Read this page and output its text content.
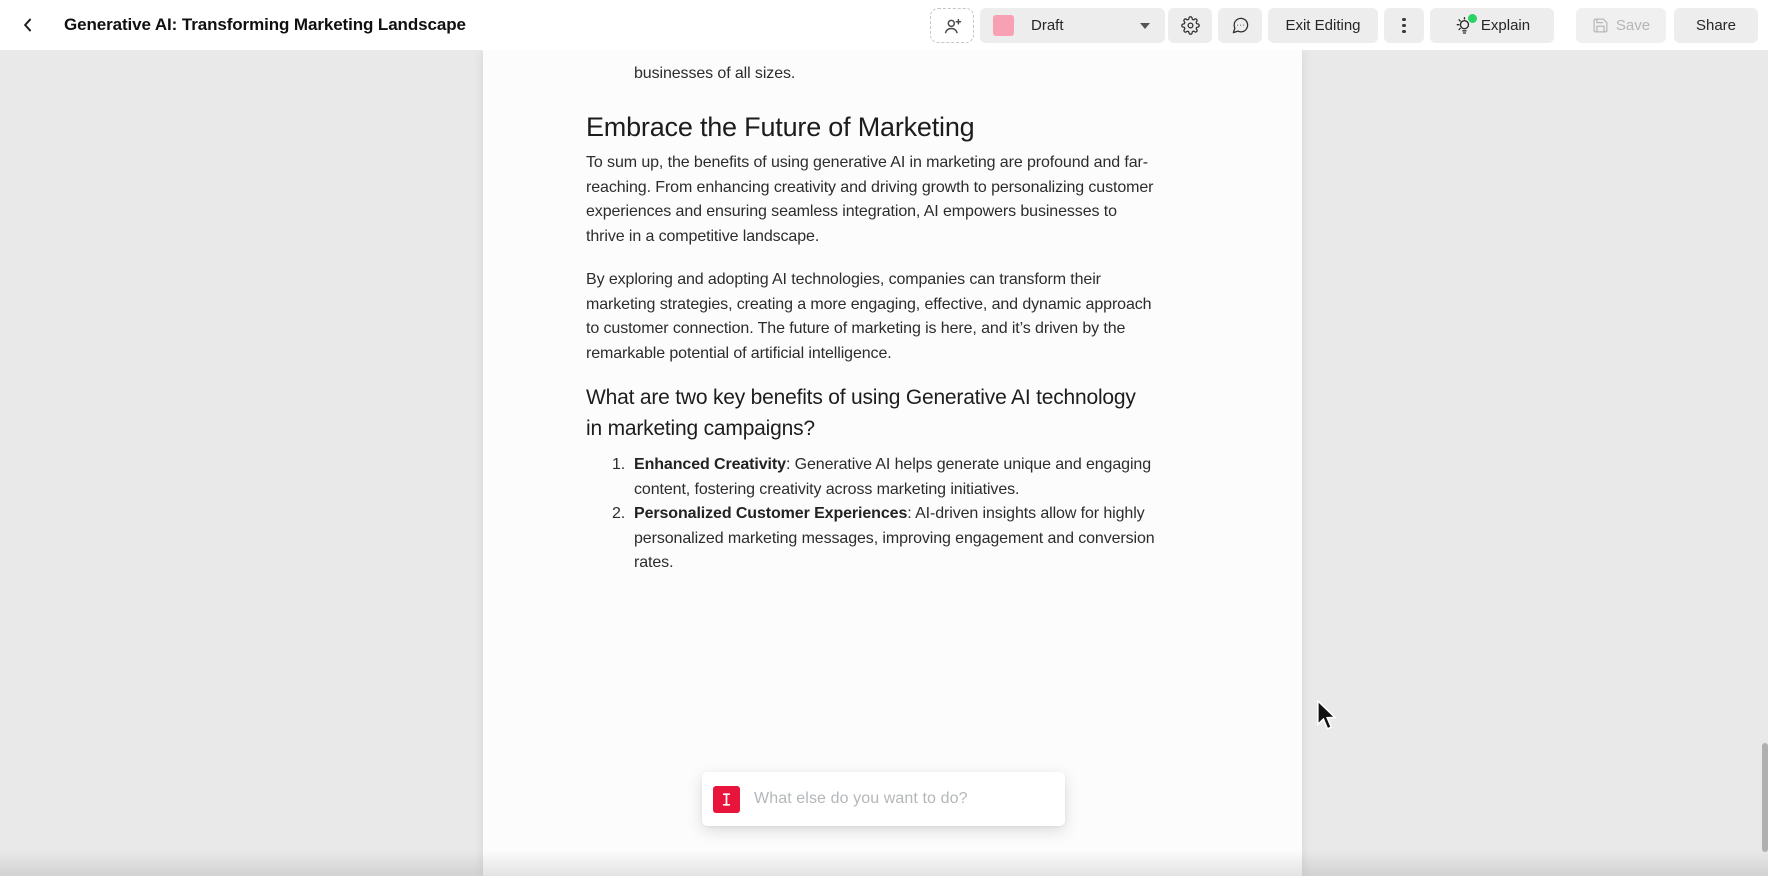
Generative AI: Transforming Marketing Landscape	Draft	Exit Editing	Explain	Save	Share
businesses of all sizes.
Embrace the Future of Marketing
To sum up, the benefits of using generative AI in marketing are profound and far-
reaching. From enhancing creativity and driving growth to personalizing customer
experiences and ensuring seamless integration, AI empowers businesses to
thrive in a competitive landscape.
By exploring and adopting AI technologies, companies can transform their
marketing strategies, creating a more engaging, effective, and dynamic approach
to customer connection. The future of marketing is here, and it’s driven by the
remarkable potential of artificial intelligence.
What are two key benefits of using Generative AI technology
in marketing campaigns?
1. Enhanced Creativity: Generative AI helps generate unique and engaging
content, fostering creativity across marketing initiatives.
2. Personalized Customer Experiences: AI-driven insights allow for highly
personalized marketing messages, improving engagement and conversion
rates.
What else do you want to do?
